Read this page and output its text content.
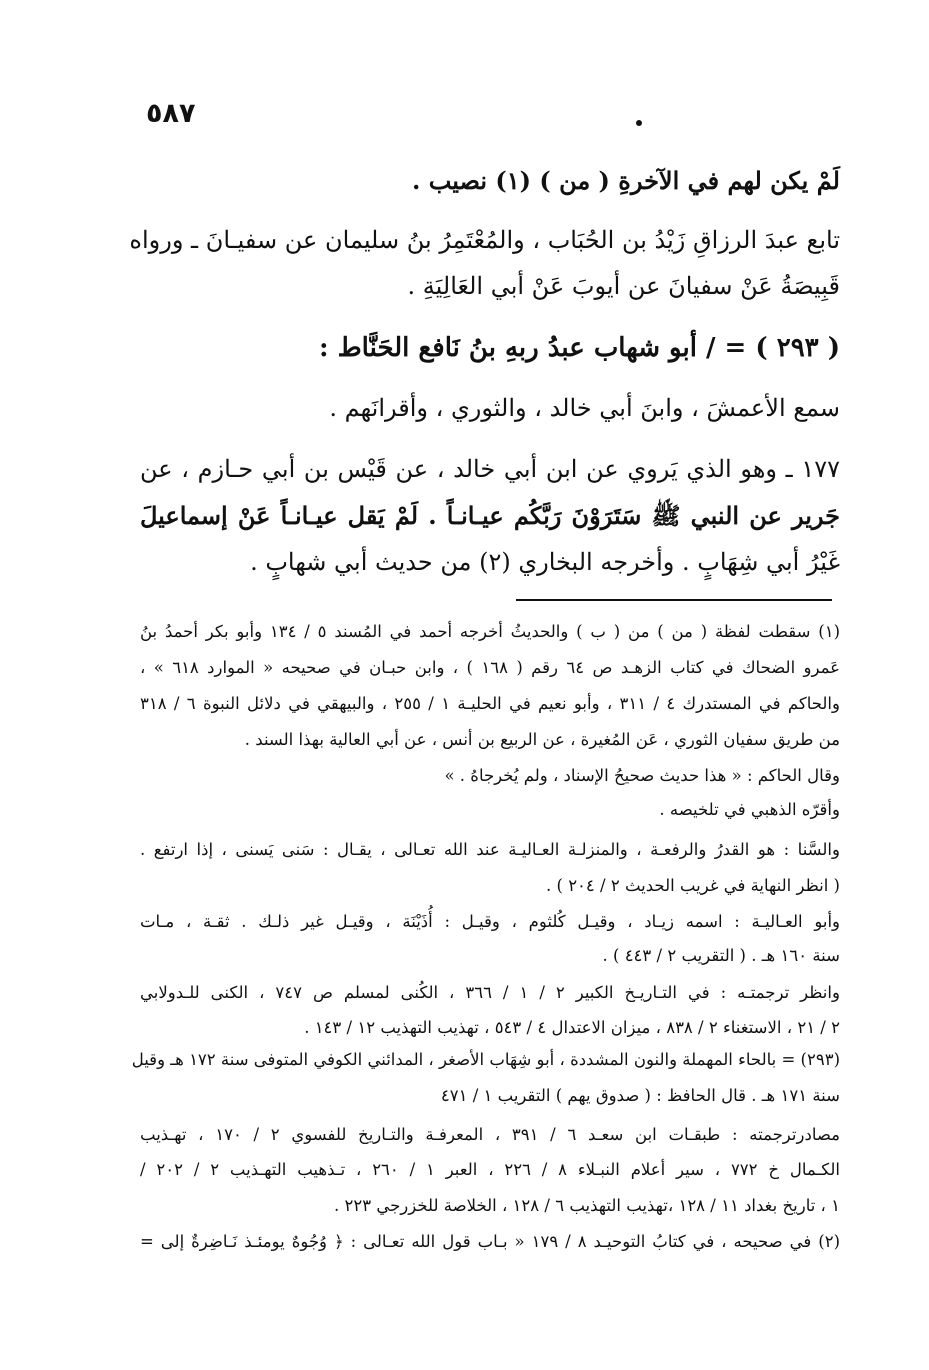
٥٨٧
لَمْ يكن لهم في الآخرةِ ( من ) (١) نصيب .
تابع عبدَ الرزاقِ زَيْدُ بن الحُبَاب ، والمُعْتَمِرُ بنُ سليمان عن سفيـانَ ـ ورواه
قَبِيصَةُ عَنْ سفيانَ عن أيوبَ عَنْ أبي العَالِيَةِ .
( ٢٩٣ ) = / أبو شهاب عبدُ ربهِ بنُ نَافع الحَنَّاط :
سمع الأعمشَ ، وابنَ أبي خالد ، والثوري ، وأقرانَهم .
١٧٧ ـ وهو الذي يَروي عن ابن أبي خالد ، عن قَيْس بن أبي حـازم ، عن
جَرير عن النبي ﷺ سَتَرَوْنَ رَبَّكُم عيـانـاً . لَمْ يَقل عيـانـاً عَنْ إسماعيلَ
غَيْرُ أبي شِهَابٍ . وأخرجه البخاري (٢) من حديث أبي شهابٍ .
(١) سقطت لفظة ( من ) من ( ب ) والحديثُ أخرجه أحمد في المُسند ٥ / ١٣٤ وأبو بكر أحمدُ بنُ
عَمرو الضحاك في كتاب الزهـد ص ٦٤ رقم ( ١٦٨ ) ، وابن حبـان في صحيحه « الموارد ٦١٨ » ،
والحاكم في المستدرك ٤ / ٣١١ ، وأبو نعيم في الحليـة ١ / ٢٥٥ ، والبيهقي في دلائل النبوة ٦ / ٣١٨
من طريق سفيان الثوري ، عَن المُغيرة ، عن الربيع بن أنس ، عن أبي العالية بهذا السند .
وقال الحاكم : « هذا حديث صحيحُ الإسناد ، ولم يُخرجاهُ . »
وأقرّه الذهبي في تلخيصه .
والسَّنا : هو القدرُ والرفعـة ، والمنزلـة العـاليـة عند الله تعـالى ، يقـال : سَنى يَسنى ، إذا ارتفع .
( انظر النهاية في غريب الحديث ٢ / ٢٠٤ ) .
وأبو العـاليـة : اسمه زيـاد ، وقيـل كُلثوم ، وقيـل : أُذَيْنَة ، وقيـل غير ذلـك . ثقـة ، مـات
سنة ١٦٠ هـ . ( التقريب ٢ / ٤٤٣ ) .
وانظر ترجمتـه : في التـاريـخ الكبير ٢ / ١ / ٣٦٦ ، الكُنى لمسلم ص ٧٤٧ ، الكنى للـدولابي
٢ / ٢١ ، الاستغناء ٢ / ٨٣٨ ، ميزان الاعتدال ٤ / ٥٤٣ ، تهذيب التهذيب ١٢ / ١٤٣ .
(٢٩٣) = بالحاء المهملة والنون المشددة ، أبو شِهَاب الأصغر ، المدائني الكوفي المتوفى سنة ١٧٢ هـ وقيل
سنة ١٧١ هـ . قال الحافظ : ( صدوق يهم ) التقريب ١ / ٤٧١
مصادرترجمته : طبقـات ابن سعـد ٦ / ٣٩١ ، المعرفـة والتـاريخ للفسوي ٢ / ١٧٠ ، تهـذيب
الكـمال خ ٧٧٢ ، سير أعلام النبـلاء ٨ / ٢٢٦ ، العبر ١ / ٢٦٠ ، تـذهيب التهـذيب ٢ / ٢٠٢ /
١ ، تاريخ بغداد ١١ / ١٢٨ ،تهذيب التهذيب ٦ / ١٢٨ ، الخلاصة للخزرجي ٢٢٣ .
(٢) في صحيحه ، في كتابُ التوحيـد ٨ / ١٧٩ « بـاب قول الله تعـالى : ﴿ وُجُوهٌ يومئـذ نَـاضِرةٌ إلى =
